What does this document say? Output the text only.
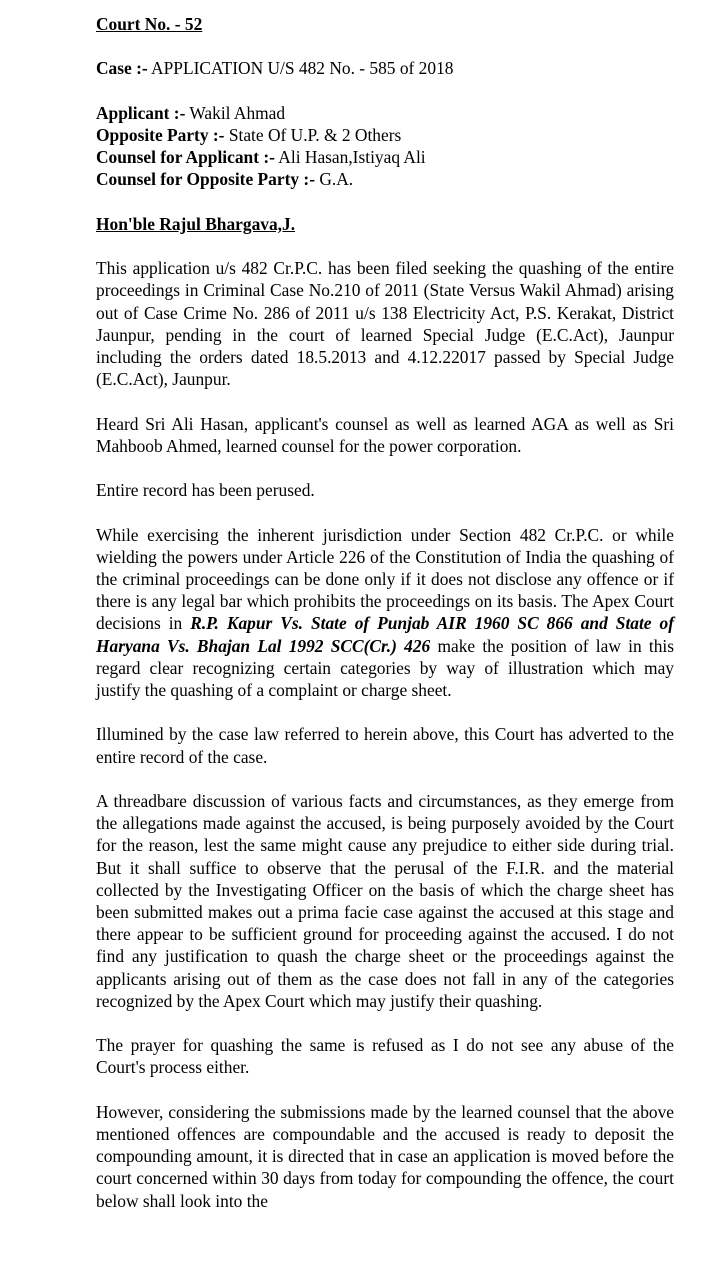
Court No. - 52
Case :- APPLICATION U/S 482 No. - 585 of 2018
Applicant :- Wakil Ahmad
Opposite Party :- State Of U.P. & 2 Others
Counsel for Applicant :- Ali Hasan,Istiyaq Ali
Counsel for Opposite Party :- G.A.
Hon'ble Rajul Bhargava,J.

This application u/s 482 Cr.P.C. has been filed seeking the quashing of the entire proceedings in Criminal Case No.210 of 2011 (State Versus Wakil Ahmad) arising out of Case Crime No. 286 of 2011 u/s 138 Electricity Act, P.S. Kerakat, District Jaunpur, pending in the court of learned Special Judge (E.C.Act), Jaunpur including the orders dated 18.5.2013 and 4.12.22017 passed by Special Judge (E.C.Act), Jaunpur.

Heard Sri Ali Hasan, applicant's counsel as well as learned AGA as well as Sri Mahboob Ahmed, learned counsel for the power corporation.

Entire record has been perused.

While exercising the inherent jurisdiction under Section 482 Cr.P.C. or while wielding the powers under Article 226 of the Constitution of India the quashing of the criminal proceedings can be done only if it does not disclose any offence or if there is any legal bar which prohibits the proceedings on its basis. The Apex Court decisions in R.P. Kapur Vs. State of Punjab AIR 1960 SC 866 and State of Haryana Vs. Bhajan Lal 1992 SCC(Cr.) 426 make the position of law in this regard clear recognizing certain categories by way of illustration which may justify the quashing of a complaint or charge sheet.

Illumined by the case law referred to herein above, this Court has adverted to the entire record of the case.

A threadbare discussion of various facts and circumstances, as they emerge from the allegations made against the accused, is being purposely avoided by the Court for the reason, lest the same might cause any prejudice to either side during trial. But it shall suffice to observe that the perusal of the F.I.R. and the material collected by the Investigating Officer on the basis of which the charge sheet has been submitted makes out a prima facie case against the accused at this stage and there appear to be sufficient ground for proceeding against the accused. I do not find any justification to quash the charge sheet or the proceedings against the applicants arising out of them as the case does not fall in any of the categories recognized by the Apex Court which may justify their quashing.

The prayer for quashing the same is refused as I do not see any abuse of the Court's process either.

However, considering the submissions made by the learned counsel that the above mentioned offences are compoundable and the accused is ready to deposit the compounding amount, it is directed that in case an application is moved before the court concerned within 30 days from today for compounding the offence, the court below shall look into the
